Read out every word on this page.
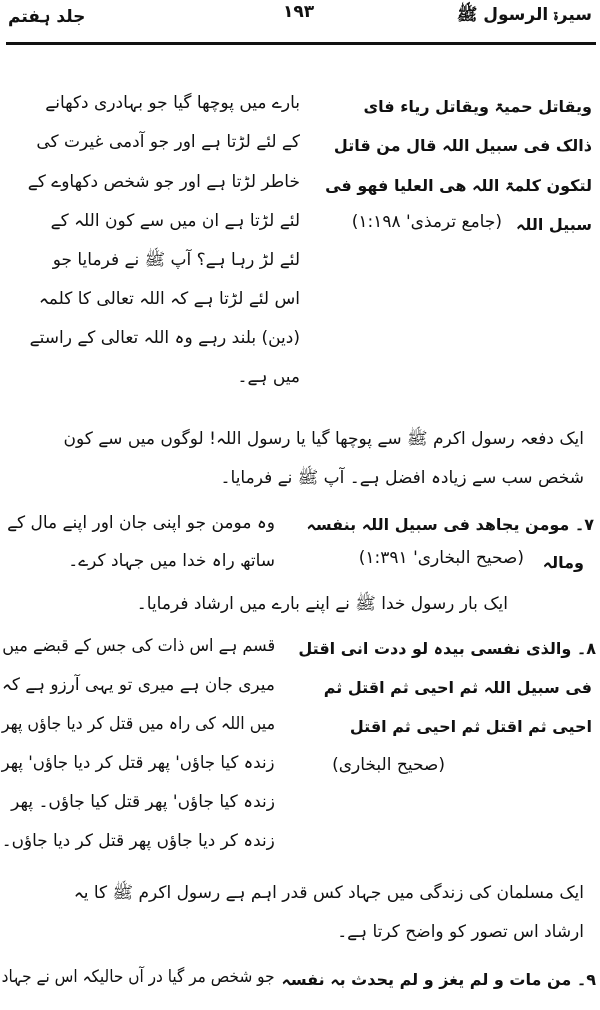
سیرۃ الرسول ﷺ
۱۹۳
جلد ہفتم
ویقاتل حمیۃ ویقاتل ریاء فای
ذالک فی سبیل اللہ قال من قاتل
لتکون کلمۃ اللہ ھی العلیا فھو فی
سبیل اللہ
(جامع ترمذی' ۱:۱۹۸)
بارے میں پوچھا گیا جو بہادری دکھانے
کے لئے لڑتا ہے اور جو آدمی غیرت کی
خاطر لڑتا ہے اور جو شخص دکھاوے کے
لئے لڑتا ہے ان میں سے کون اللہ کے
لئے لڑ رہا ہے؟ آپ ﷺ نے فرمایا جو
اس لئے لڑتا ہے کہ اللہ تعالی کا کلمہ
(دین) بلند رہے وہ اللہ تعالی کے راستے
میں ہے۔
ایک دفعہ رسول اکرم ﷺ سے پوچھا گیا یا رسول اللہ! لوگوں میں سے کون
شخص سب سے زیادہ افضل ہے۔ آپ ﷺ نے فرمایا۔
۷۔ مومن یجاھد فی سبیل اللہ بنفسہ
ومالہ
(صحیح البخاری' ۱:۳۹۱)
وہ مومن جو اپنی جان اور اپنے مال کے
ساتھ راہ خدا میں جہاد کرے۔
ایک بار رسول خدا ﷺ نے اپنے بارے میں ارشاد فرمایا۔
۸۔ والذی نفسی بیدہ لو ددت انی اقتل
فی سبیل اللہ ثم احیی ثم اقتل ثم
احیی ثم اقتل ثم احیی ثم اقتل
(صحیح البخاری)
قسم ہے اس ذات کی جس کے قبضے میں
میری جان ہے میری تو یہی آرزو ہے کہ
میں اللہ کی راہ میں قتل کر دیا جاؤں پھر
زندہ کیا جاؤں' پھر قتل کر دیا جاؤں' پھر
زندہ کیا جاؤں' پھر قتل کیا جاؤں۔ پھر
زندہ کر دیا جاؤں پھر قتل کر دیا جاؤں۔
ایک مسلمان کی زندگی میں جہاد کس قدر اہم ہے رسول اکرم ﷺ کا یہ
ارشاد اس تصور کو واضح کرتا ہے۔
۹۔ من مات و لم یغز و لم یحدث بہ نفسہ
جو شخص مر گیا در آں حالیکہ اس نے جہاد
